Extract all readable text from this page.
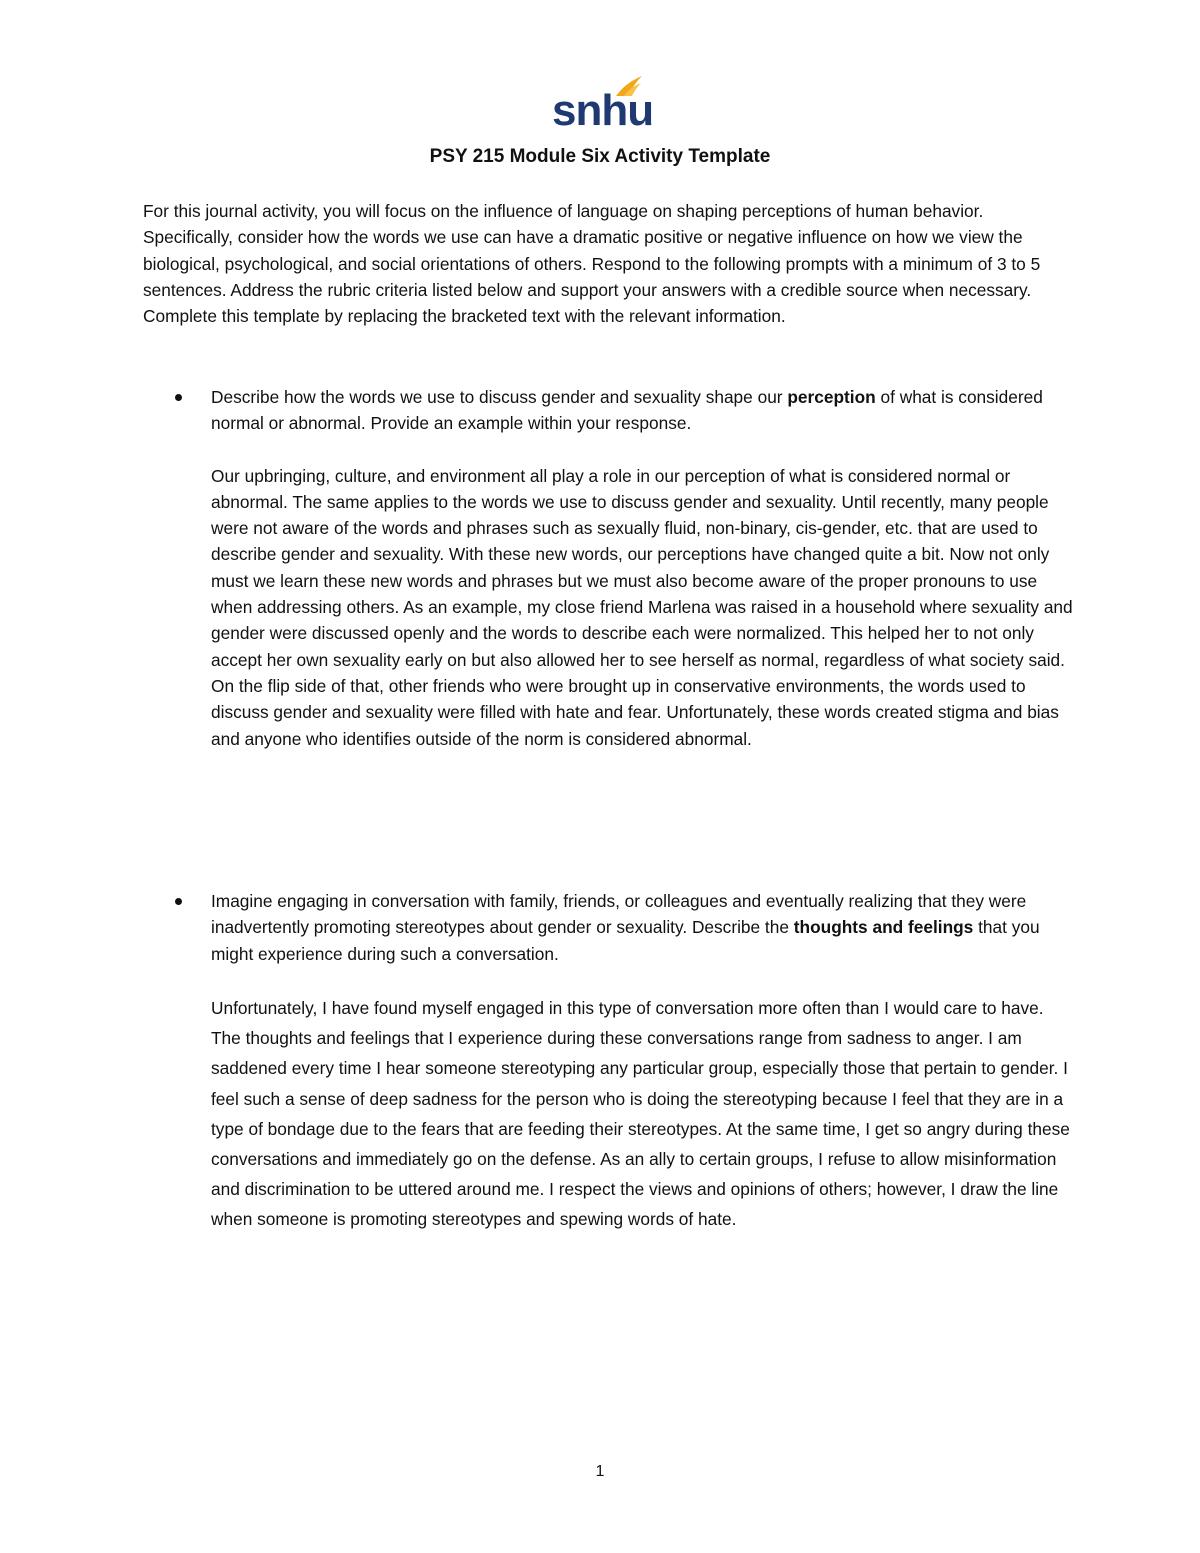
snhu
PSY 215 Module Six Activity Template

For this journal activity, you will focus on the influence of language on shaping perceptions of human behavior. Specifically, consider how the words we use can have a dramatic positive or negative influence on how we view the biological, psychological, and social orientations of others. Respond to the following prompts with a minimum of 3 to 5 sentences. Address the rubric criteria listed below and support your answers with a credible source when necessary. Complete this template by replacing the bracketed text with the relevant information.

Describe how the words we use to discuss gender and sexuality shape our perception of what is considered normal or abnormal. Provide an example within your response.

Our upbringing, culture, and environment all play a role in our perception of what is considered normal or abnormal. The same applies to the words we use to discuss gender and sexuality. Until recently, many people were not aware of the words and phrases such as sexually fluid, non-binary, cis-gender, etc. that are used to describe gender and sexuality. With these new words, our perceptions have changed quite a bit. Now not only must we learn these new words and phrases but we must also become aware of the proper pronouns to use when addressing others. As an example, my close friend Marlena was raised in a household where sexuality and gender were discussed openly and the words to describe each were normalized. This helped her to not only accept her own sexuality early on but also allowed her to see herself as normal, regardless of what society said. On the flip side of that, other friends who were brought up in conservative environments, the words used to discuss gender and sexuality were filled with hate and fear. Unfortunately, these words created stigma and bias and anyone who identifies outside of the norm is considered abnormal.

Imagine engaging in conversation with family, friends, or colleagues and eventually realizing that they were inadvertently promoting stereotypes about gender or sexuality. Describe the thoughts and feelings that you might experience during such a conversation.

Unfortunately, I have found myself engaged in this type of conversation more often than I would care to have. The thoughts and feelings that I experience during these conversations range from sadness to anger. I am saddened every time I hear someone stereotyping any particular group, especially those that pertain to gender. I feel such a sense of deep sadness for the person who is doing the stereotyping because I feel that they are in a type of bondage due to the fears that are feeding their stereotypes. At the same time, I get so angry during these conversations and immediately go on the defense. As an ally to certain groups, I refuse to allow misinformation and discrimination to be uttered around me. I respect the views and opinions of others; however, I draw the line when someone is promoting stereotypes and spewing words of hate.

1
